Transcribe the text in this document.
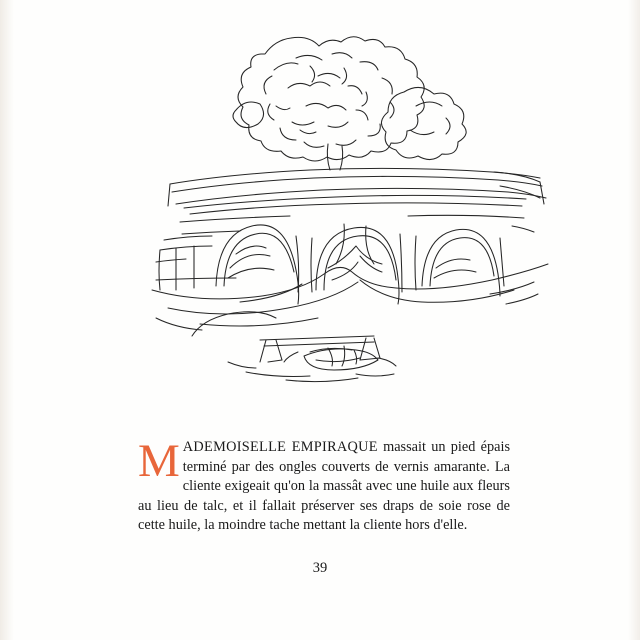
MADEMOISELLE EMPIRAQUE massait un pied épais terminé par des ongles couverts de vernis amarante. La cliente exigeait qu'on la massât avec une huile aux fleurs au lieu de talc, et il fallait préserver ses draps de soie rose de cette huile, la moindre tache mettant la cliente hors d'elle.

39
